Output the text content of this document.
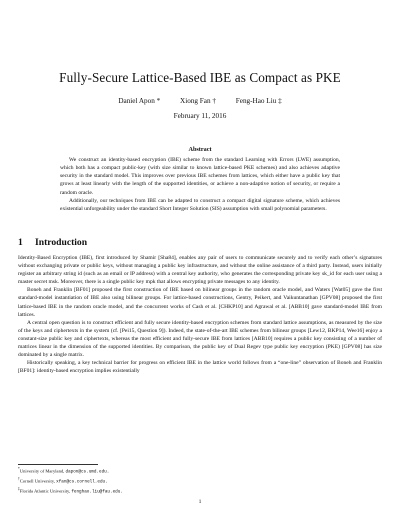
Fully-Secure Lattice-Based IBE as Compact as PKE
Daniel Apon *	Xiong Fan †	Feng-Hao Liu ‡
February 11, 2016
Abstract

We construct an identity-based encryption (IBE) scheme from the standard Learning with Errors (LWE) assumption, which both has a compact public-key (with size similar to known lattice-based PKE schemes) and also achieves adaptive security in the standard model. This improves over previous IBE schemes from lattices, which either have a public key that grows at least linearly with the length of the supported identities, or achieve a non-adaptive notion of security, or require a random oracle.

Additionally, our techniques from IBE can be adapted to construct a compact digital signature scheme, which achieves existential unforgeability under the standard Short Integer Solution (SIS) assumption with small polynomial parameters.

1 Introduction

Identity-Based Encryption (IBE), first introduced by Shamir [Sha84], enables any pair of users to communicate securely and to verify each other’s signatures without exchanging private or public keys, without managing a public key infrastructure, and without the online assistance of a third party. Instead, users initially register an arbitrary string id (such as an email or IP address) with a central key authority, who generates the corresponding private key sk_id for each user using a master secret msk. Moreover, there is a single public key mpk that allows encrypting private messages to any identity.

Boneh and Franklin [BF01] proposed the first construction of IBE based on bilinear groups in the random oracle model, and Waters [Wat05] gave the first standard-model instantiation of IBE also using bilinear groups. For lattice-based constructions, Gentry, Peikert, and Vaikuntanathan [GPV08] proposed the first lattice-based IBE in the random oracle model, and the concurrent works of Cash et al. [CHKP10] and Agrawal et al. [ABB10] gave standard-model IBE from lattices.

A central open question is to construct efficient and fully secure identity-based encryption schemes from standard lattice assumptions, as measured by the size of the keys and ciphertexts in the system (cf. [Pei15, Question 9]). Indeed, the state-of-the-art IBE schemes from bilinear groups [Lew12, BKP14, Wee16] enjoy a constant-size public key and ciphertexts, whereas the most efficient and fully-secure IBE from lattices [ABB10] requires a public key consisting of a number of matrices linear in the dimension of the supported identities. By comparison, the public key of Dual Regev type public key encryption (PKE) [GPV08] has size dominated by a single matrix.

Historically speaking, a key technical barrier for progress on efficient IBE in the lattice world follows from a “one-line” observation of Boneh and Franklin [BF01]: identity-based encryption implies existentially

*University of Maryland, dapon@cs.umd.edu.
†Cornell University, xfan@cs.cornell.edu.
‡Florida Atlantic University, fenghao.liu@fau.edu.
1
